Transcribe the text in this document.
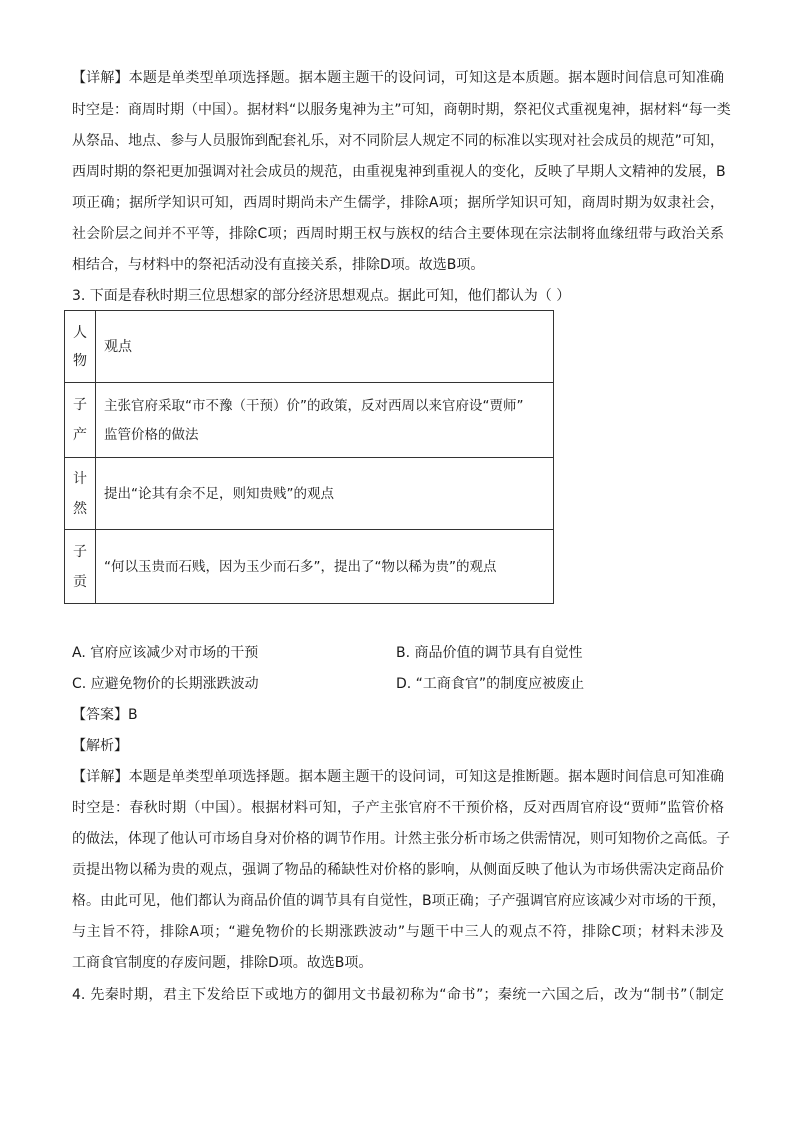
【详解】本题是单类型单项选择题。据本题主题干的设问词，可知这是本质题。据本题时间信息可知准确
时空是：商周时期（中国）。据材料“以服务鬼神为主”可知，商朝时期，祭祀仪式重视鬼神，据材料“每一类
从祭品、地点、参与人员服饰到配套礼乐，对不同阶层人规定不同的标准以实现对社会成员的规范”可知，
西周时期的祭祀更加强调对社会成员的规范，由重视鬼神到重视人的变化，反映了早期人文精神的发展，B
项正确；据所学知识可知，西周时期尚未产生儒学，排除A项；据所学知识可知，商周时期为奴隶社会，
社会阶层之间并不平等，排除C项；西周时期王权与族权的结合主要体现在宗法制将血缘纽带与政治关系
相结合，与材料中的祭祀活动没有直接关系，排除D项。故选B项。
3. 下面是春秋时期三位思想家的部分经济思想观点。据此可知，他们都认为（ ）
人物	观点

子产	主张官府采取“市不豫（干预）价”的政策，反对西周以来官府设“贾师”
监管价格的做法

计然	提出“论其有余不足，则知贵贱”的观点

子贡	“何以玉贵而石贱，因为玉少而石多”，提出了“物以稀为贵”的观点
A. 官府应该减少对市场的干预	B. 商品价值的调节具有自觉性
C. 应避免物价的长期涨跌波动	D. “工商食官”的制度应被废止
【答案】B
【解析】
【详解】本题是单类型单项选择题。据本题主题干的设问词，可知这是推断题。据本题时间信息可知准确
时空是：春秋时期（中国）。根据材料可知，子产主张官府不干预价格，反对西周官府设“贾师”监管价格
的做法，体现了他认可市场自身对价格的调节作用。计然主张分析市场之供需情况，则可知物价之高低。子
贡提出物以稀为贵的观点，强调了物品的稀缺性对价格的影响，从侧面反映了他认为市场供需决定商品价
格。由此可见，他们都认为商品价值的调节具有自觉性，B项正确；子产强调官府应该减少对市场的干预，
与主旨不符，排除A项；“避免物价的长期涨跌波动”与题干中三人的观点不符，排除C项；材料未涉及
工商食官制度的存废问题，排除D项。故选B项。
4. 先秦时期，君主下发给臣下或地方的御用文书最初称为“命书”；秦统一六国之后，改为“制书”（制定
